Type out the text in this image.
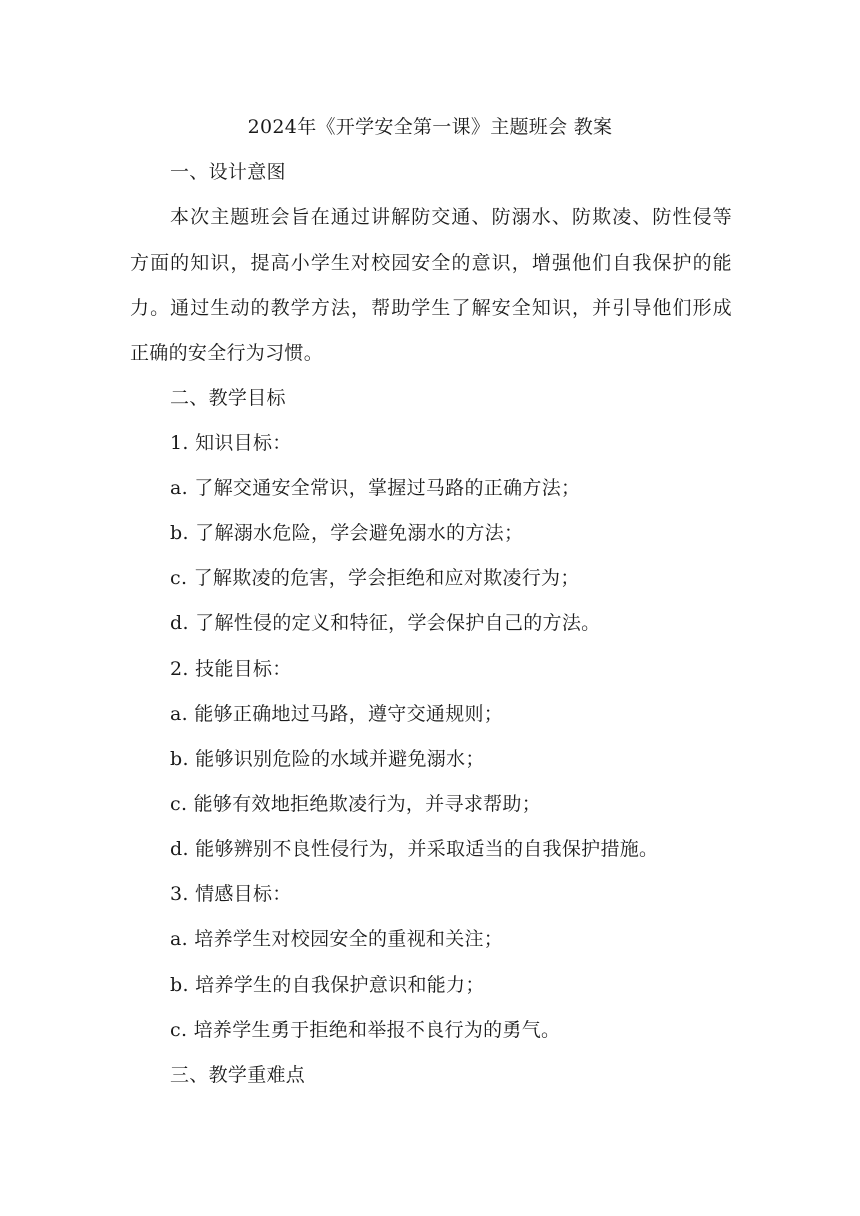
2024年《开学安全第一课》主题班会 教案
一、设计意图
本次主题班会旨在通过讲解防交通、防溺水、防欺凌、防性侵等
方面的知识，提高小学生对校园安全的意识，增强他们自我保护的能
力。通过生动的教学方法，帮助学生了解安全知识，并引导他们形成
正确的安全行为习惯。
二、教学目标
1. 知识目标：
a. 了解交通安全常识，掌握过马路的正确方法；
b. 了解溺水危险，学会避免溺水的方法；
c. 了解欺凌的危害，学会拒绝和应对欺凌行为；
d. 了解性侵的定义和特征，学会保护自己的方法。
2. 技能目标：
a. 能够正确地过马路，遵守交通规则；
b. 能够识别危险的水域并避免溺水；
c. 能够有效地拒绝欺凌行为，并寻求帮助；
d. 能够辨别不良性侵行为，并采取适当的自我保护措施。
3. 情感目标：
a. 培养学生对校园安全的重视和关注；
b. 培养学生的自我保护意识和能力；
c. 培养学生勇于拒绝和举报不良行为的勇气。
三、教学重难点
